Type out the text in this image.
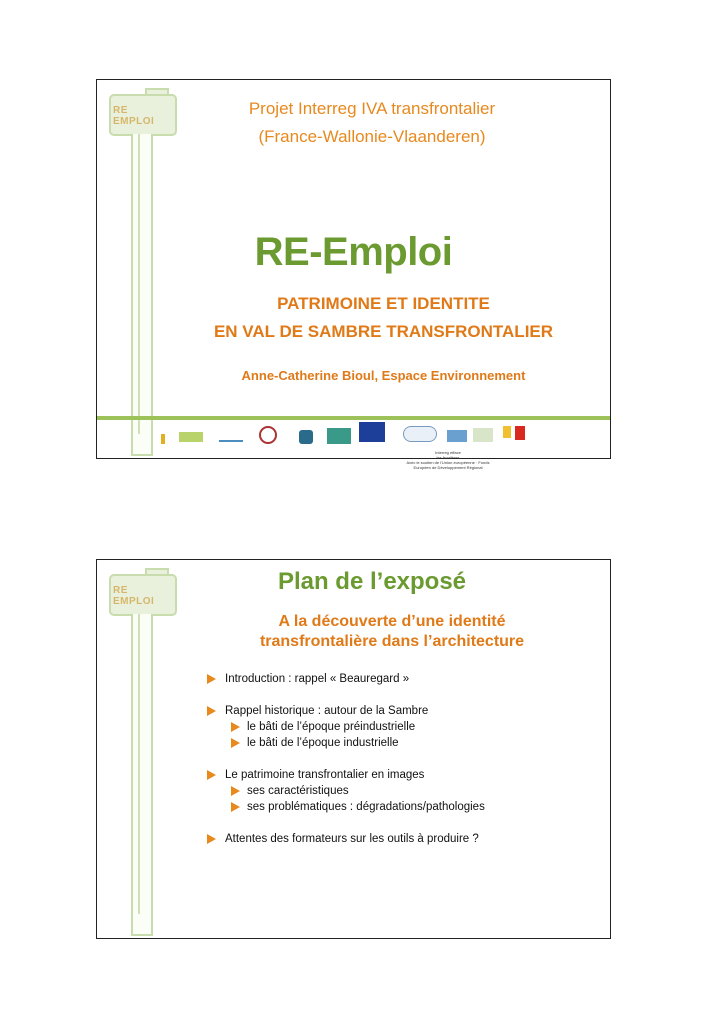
RE EMPLOI
Projet Interreg IVA transfrontalier
(France-Wallonie-Vlaanderen)
RE-Emploi
PATRIMOINE ET IDENTITE
EN VAL DE SAMBRE TRANSFRONTALIER
Anne-Catherine Bioul, Espace Environnement
Interreg efface
les frontières
Avec le soutien de l'Union européenne · Fonds Européen de Développement Régional
RE EMPLOI
Plan de l’exposé
A la découverte d’une identité
transfrontalière dans l’architecture
Introduction : rappel « Beauregard »
Rappel historique : autour de la Sambre
le bâti de l’époque préindustrielle
le bâti de l’époque industrielle
Le patrimoine transfrontalier en images
ses caractéristiques
ses problématiques : dégradations/pathologies
Attentes des formateurs sur les outils à produire ?
